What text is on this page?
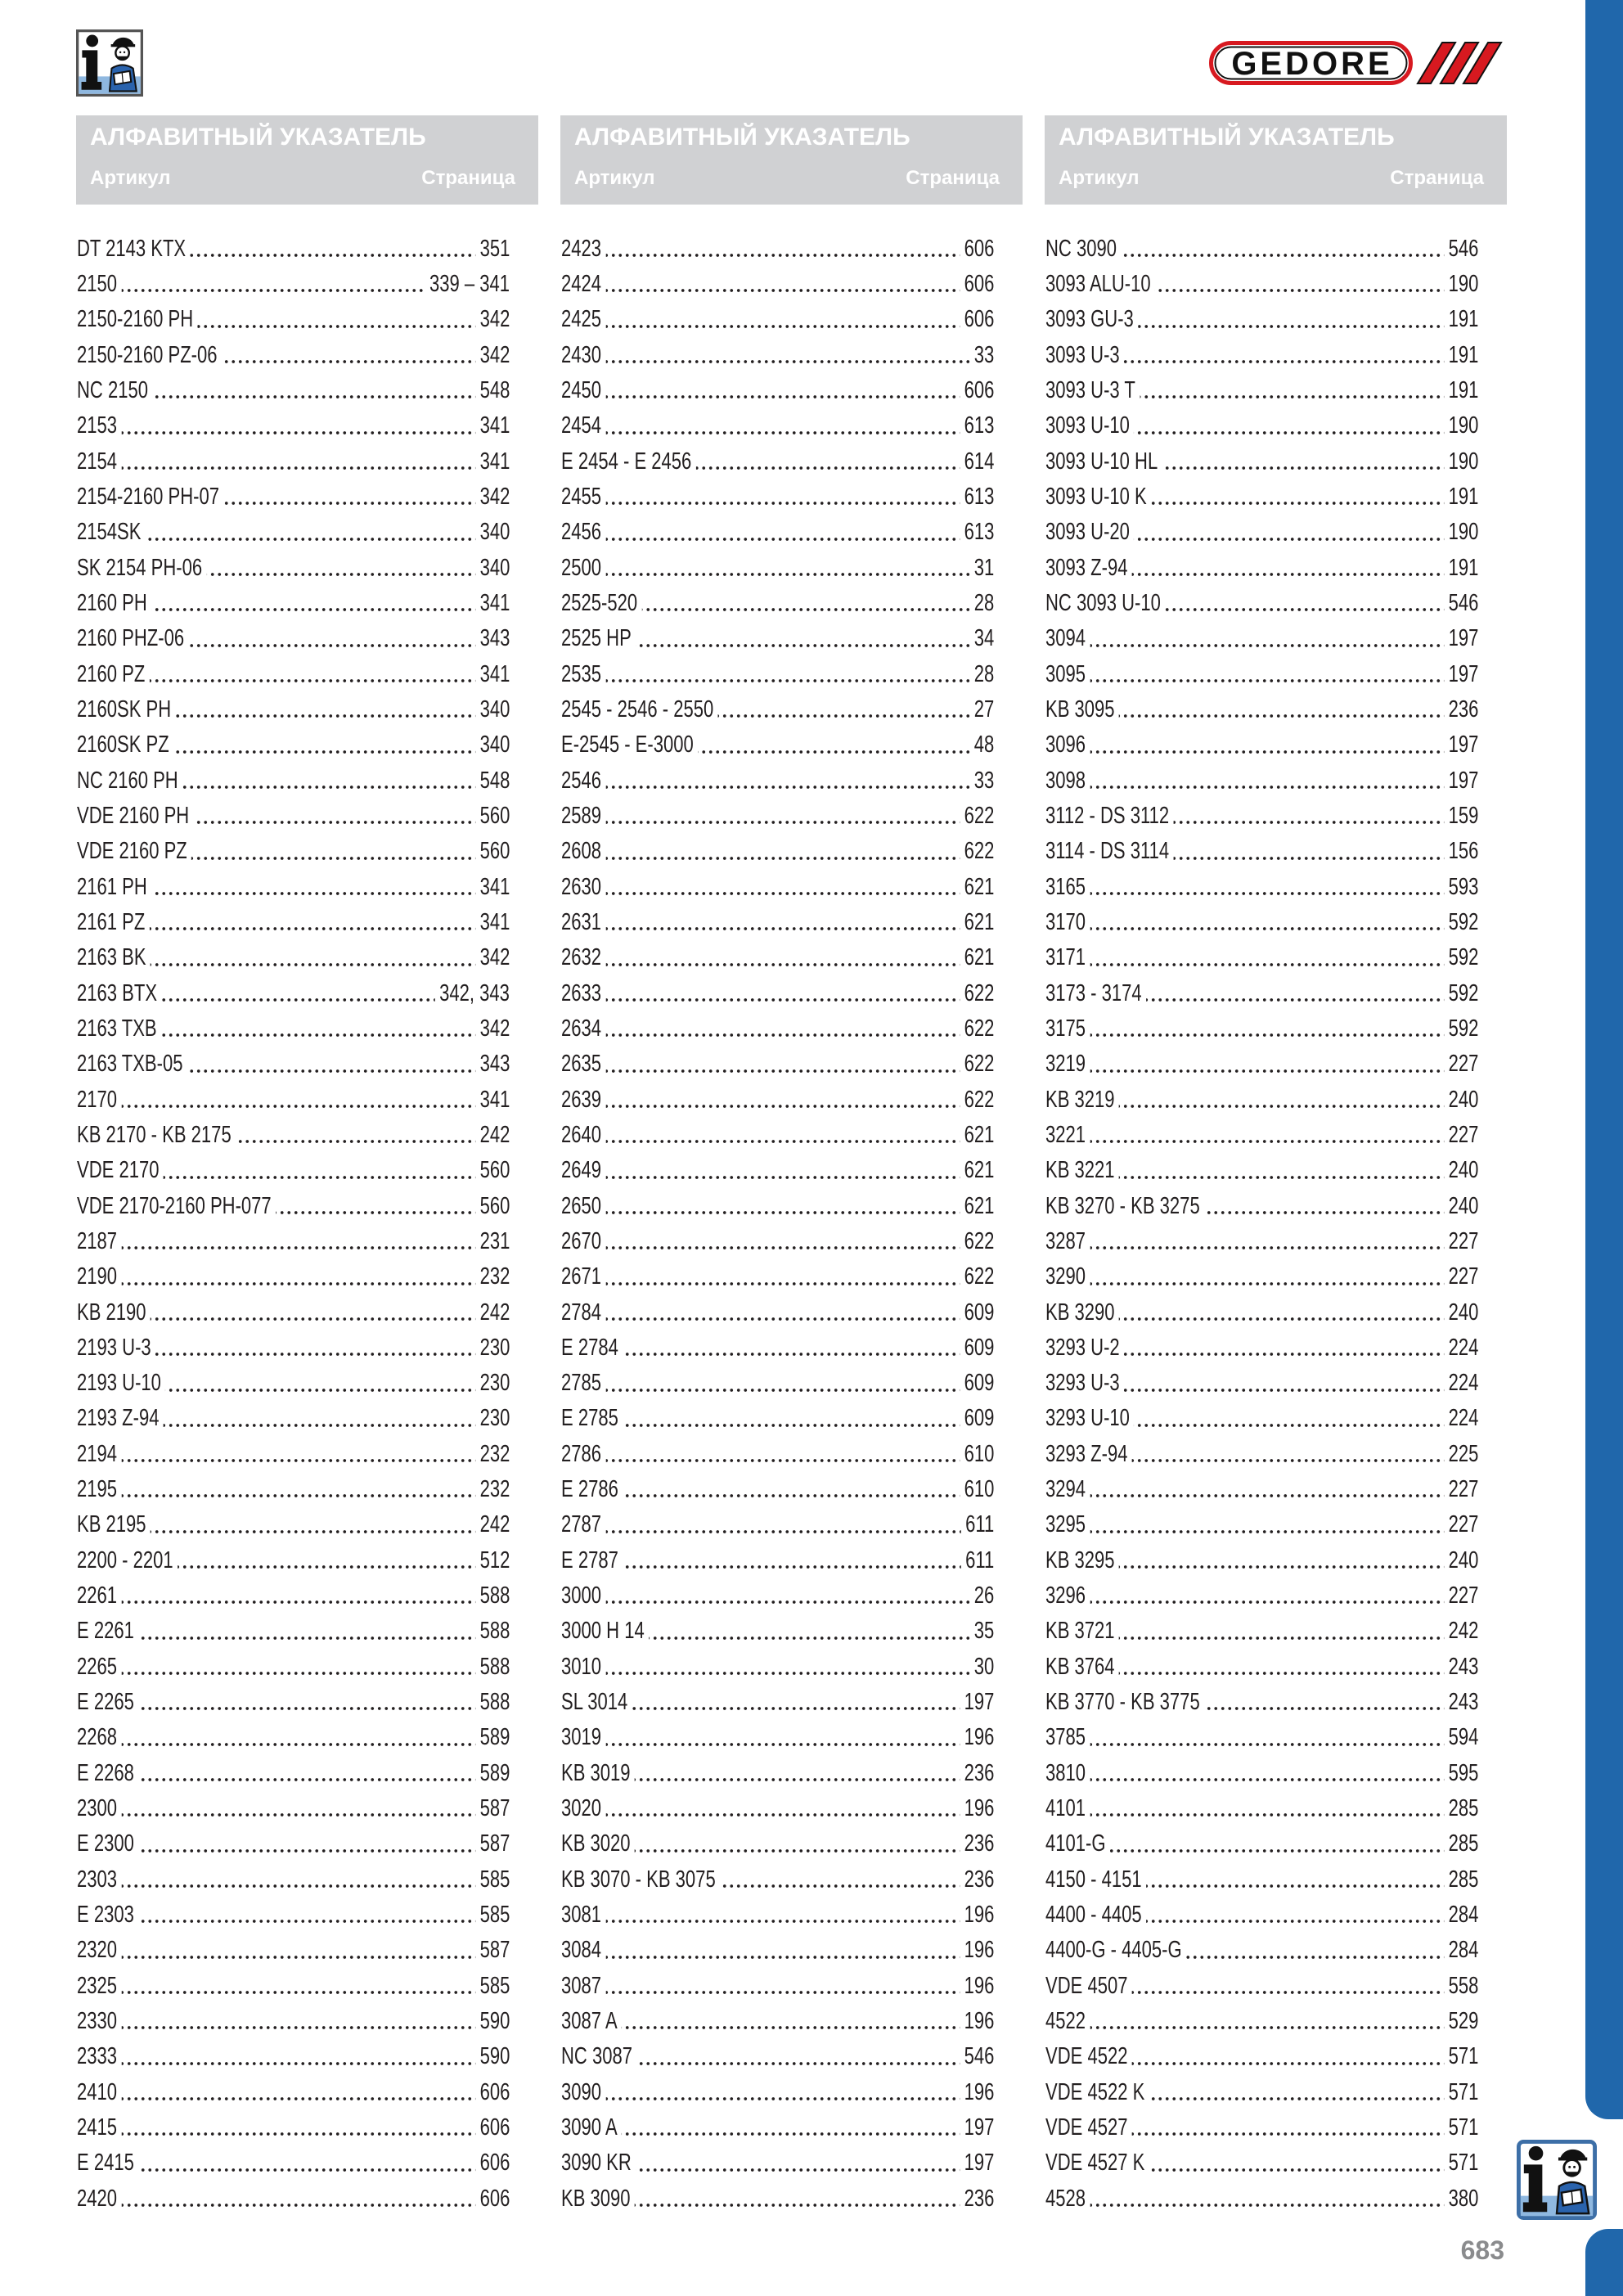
GEDORE
АЛФАВИТНЫЙ УКАЗАТЕЛЬ
Артикул	Страница
DT 2143 KTX	351
2150	339 – 341
2150-2160 PH	342
2150-2160 PZ-06	342
NC 2150	548
2153	341
2154	341
2154-2160 PH-07	342
2154SK	340
SK 2154 PH-06	340
2160 PH	341
2160 PHZ-06	343
2160 PZ	341
2160SK PH	340
2160SK PZ	340
NC 2160 PH	548
VDE 2160 PH	560
VDE 2160 PZ	560
2161 PH	341
2161 PZ	341
2163 BK	342
2163 BTX	342, 343
2163 TXB	342
2163 TXB-05	343
2170	341
KB 2170 - KB 2175	242
VDE 2170	560
VDE 2170-2160 PH-077	560
2187	231
2190	232
KB 2190	242
2193 U-3	230
2193 U-10	230
2193 Z-94	230
2194	232
2195	232
KB 2195	242
2200 - 2201	512
2261	588
E 2261	588
2265	588
E 2265	588
2268	589
E 2268	589
2300	587
E 2300	587
2303	585
E 2303	585
2320	587
2325	585
2330	590
2333	590
2410	606
2415	606
E 2415	606
2420	606
АЛФАВИТНЫЙ УКАЗАТЕЛЬ
Артикул	Страница
2423	606
2424	606
2425	606
2430	33
2450	606
2454	613
E 2454 - E 2456	614
2455	613
2456	613
2500	31
2525-520	28
2525 HP	34
2535	28
2545 - 2546 - 2550	27
E-2545 - E-3000	48
2546	33
2589	622
2608	622
2630	621
2631	621
2632	621
2633	622
2634	622
2635	622
2639	622
2640	621
2649	621
2650	621
2670	622
2671	622
2784	609
E 2784	609
2785	609
E 2785	609
2786	610
E 2786	610
2787	611
E 2787	611
3000	26
3000 H 14	35
3010	30
SL 3014	197
3019	196
KB 3019	236
3020	196
KB 3020	236
KB 3070 - KB 3075	236
3081	196
3084	196
3087	196
3087 A	196
NC 3087	546
3090	196
3090 A	197
3090 KR	197
KB 3090	236
АЛФАВИТНЫЙ УКАЗАТЕЛЬ
Артикул	Страница
NC 3090	546
3093 ALU-10	190
3093 GU-3	191
3093 U-3	191
3093 U-3 T	191
3093 U-10	190
3093 U-10 HL	190
3093 U-10 K	191
3093 U-20	190
3093 Z-94	191
NC 3093 U-10	546
3094	197
3095	197
KB 3095	236
3096	197
3098	197
3112 - DS 3112	159
3114 - DS 3114	156
3165	593
3170	592
3171	592
3173 - 3174	592
3175	592
3219	227
KB 3219	240
3221	227
KB 3221	240
KB 3270 - KB 3275	240
3287	227
3290	227
KB 3290	240
3293 U-2	224
3293 U-3	224
3293 U-10	224
3293 Z-94	225
3294	227
3295	227
KB 3295	240
3296	227
KB 3721	242
KB 3764	243
KB 3770 - KB 3775	243
3785	594
3810	595
4101	285
4101-G	285
4150 - 4151	285
4400 - 4405	284
4400-G - 4405-G	284
VDE 4507	558
4522	529
VDE 4522	571
VDE 4522 K	571
VDE 4527	571
VDE 4527 K	571
4528	380
683
